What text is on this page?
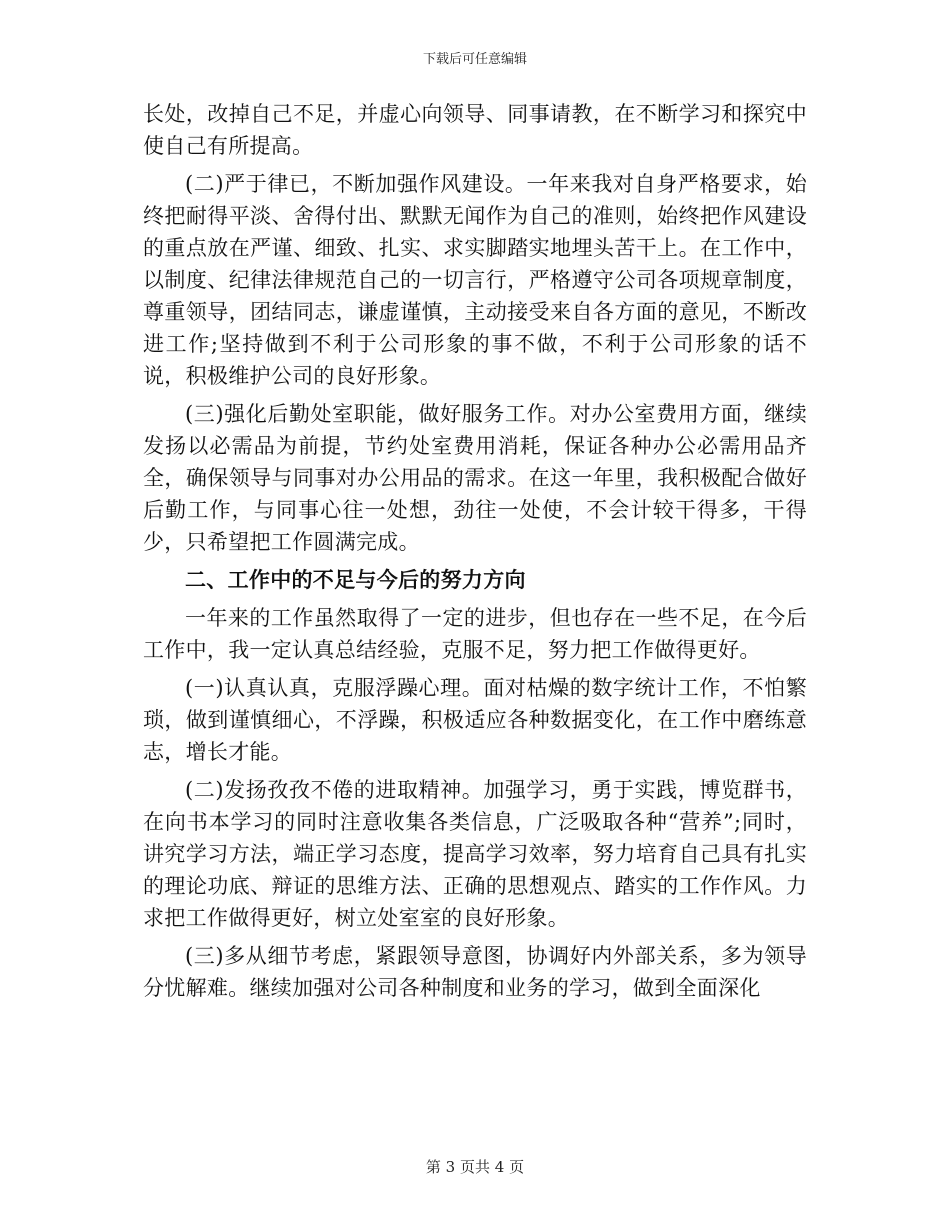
下载后可任意编辑

长处，改掉自己不足，并虚心向领导、同事请教，在不断学习和探究中使自己有所提高。

(二)严于律已，不断加强作风建设。一年来我对自身严格要求，始终把耐得平淡、舍得付出、默默无闻作为自己的准则，始终把作风建设的重点放在严谨、细致、扎实、求实脚踏实地埋头苦干上。在工作中，以制度、纪律法律规范自己的一切言行，严格遵守公司各项规章制度，尊重领导，团结同志，谦虚谨慎，主动接受来自各方面的意见，不断改进工作;坚持做到不利于公司形象的事不做，不利于公司形象的话不说，积极维护公司的良好形象。

(三)强化后勤处室职能，做好服务工作。对办公室费用方面，继续发扬以必需品为前提，节约处室费用消耗，保证各种办公必需用品齐全，确保领导与同事对办公用品的需求。在这一年里，我积极配合做好后勤工作，与同事心往一处想，劲往一处使，不会计较干得多，干得少，只希望把工作圆满完成。

二、工作中的不足与今后的努力方向

一年来的工作虽然取得了一定的进步，但也存在一些不足，在今后工作中，我一定认真总结经验，克服不足，努力把工作做得更好。

(一)认真认真，克服浮躁心理。面对枯燥的数字统计工作，不怕繁琐，做到谨慎细心，不浮躁，积极适应各种数据变化，在工作中磨练意志，增长才能。

(二)发扬孜孜不倦的进取精神。加强学习，勇于实践，博览群书，在向书本学习的同时注意收集各类信息，广泛吸取各种“营养”;同时，讲究学习方法，端正学习态度，提高学习效率，努力培育自己具有扎实的理论功底、辩证的思维方法、正确的思想观点、踏实的工作作风。力求把工作做得更好，树立处室室的良好形象。

(三)多从细节考虑，紧跟领导意图，协调好内外部关系，多为领导分忧解难。继续加强对公司各种制度和业务的学习，做到全面深化

第 3 页共 4 页
